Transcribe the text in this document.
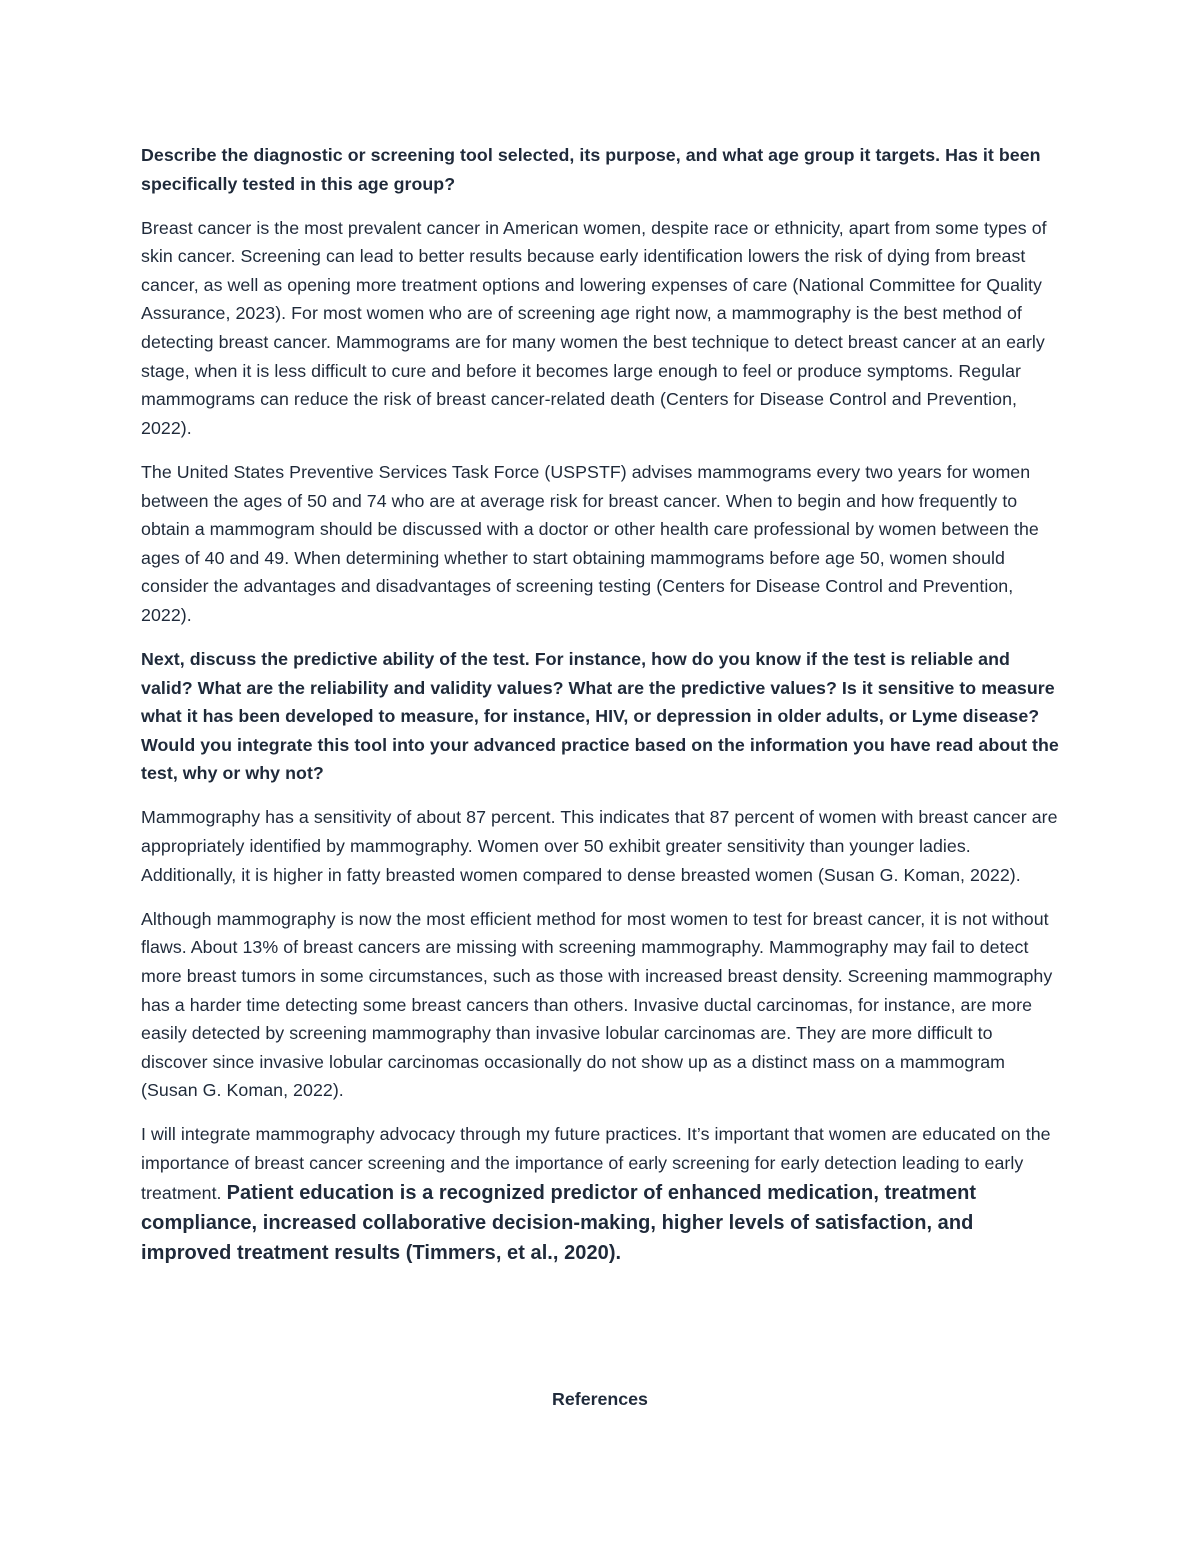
Describe the diagnostic or screening tool selected, its purpose, and what age group it targets. Has it been specifically tested in this age group?

Breast cancer is the most prevalent cancer in American women, despite race or ethnicity, apart from some types of skin cancer. Screening can lead to better results because early identification lowers the risk of dying from breast cancer, as well as opening more treatment options and lowering expenses of care (National Committee for Quality Assurance, 2023). For most women who are of screening age right now, a mammography is the best method of detecting breast cancer. Mammograms are for many women the best technique to detect breast cancer at an early stage, when it is less difficult to cure and before it becomes large enough to feel or produce symptoms. Regular mammograms can reduce the risk of breast cancer-related death (Centers for Disease Control and Prevention, 2022).

The United States Preventive Services Task Force (USPSTF) advises mammograms every two years for women between the ages of 50 and 74 who are at average risk for breast cancer. When to begin and how frequently to obtain a mammogram should be discussed with a doctor or other health care professional by women between the ages of 40 and 49. When determining whether to start obtaining mammograms before age 50, women should consider the advantages and disadvantages of screening testing (Centers for Disease Control and Prevention, 2022).

Next, discuss the predictive ability of the test. For instance, how do you know if the test is reliable and valid? What are the reliability and validity values? What are the predictive values? Is it sensitive to measure what it has been developed to measure, for instance, HIV, or depression in older adults, or Lyme disease? Would you integrate this tool into your advanced practice based on the information you have read about the test, why or why not?

Mammography has a sensitivity of about 87 percent. This indicates that 87 percent of women with breast cancer are appropriately identified by mammography. Women over 50 exhibit greater sensitivity than younger ladies. Additionally, it is higher in fatty breasted women compared to dense breasted women (Susan G. Koman, 2022).

Although mammography is now the most efficient method for most women to test for breast cancer, it is not without flaws. About 13% of breast cancers are missing with screening mammography. Mammography may fail to detect more breast tumors in some circumstances, such as those with increased breast density. Screening mammography has a harder time detecting some breast cancers than others. Invasive ductal carcinomas, for instance, are more easily detected by screening mammography than invasive lobular carcinomas are. They are more difficult to discover since invasive lobular carcinomas occasionally do not show up as a distinct mass on a mammogram (Susan G. Koman, 2022).

I will integrate mammography advocacy through my future practices. It’s important that women are educated on the importance of breast cancer screening and the importance of early screening for early detection leading to early treatment. Patient education is a recognized predictor of enhanced medication, treatment compliance, increased collaborative decision-making, higher levels of satisfaction, and improved treatment results (Timmers, et al., 2020).

References
